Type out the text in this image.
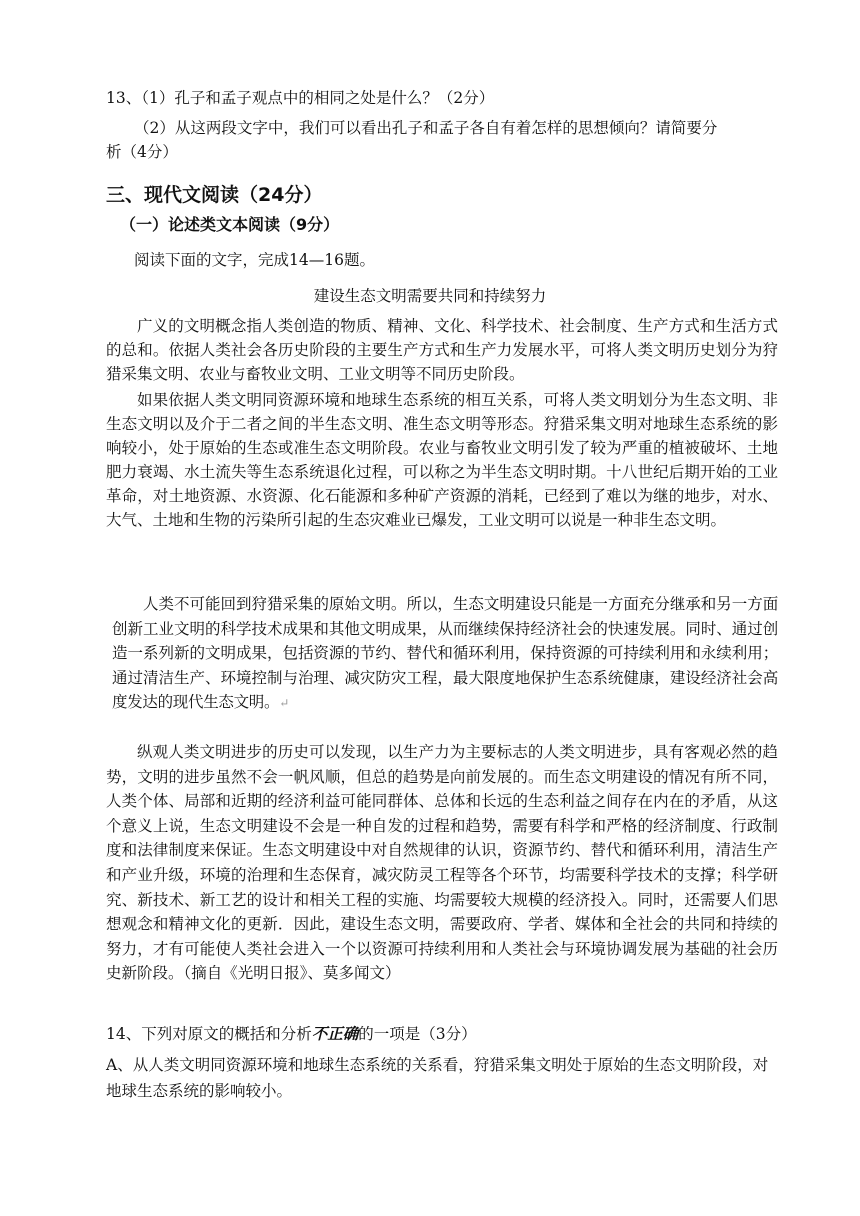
13、（1）孔子和孟子观点中的相同之处是什么？（2分）
（2）从这两段文字中，我们可以看出孔子和孟子各自有着怎样的思想倾向？请简要分
析（4分）
三、现代文阅读（24分）
（一）论述类文本阅读（9分）
阅读下面的文字，完成14—16题。
建设生态文明需要共同和持续努力

广义的文明概念指人类创造的物质、精神、文化、科学技术、社会制度、生产方式和生活方式的总和。依据人类社会各历史阶段的主要生产方式和生产力发展水平，可将人类文明历史划分为狩猎采集文明、农业与畜牧业文明、工业文明等不同历史阶段。

如果依据人类文明同资源环境和地球生态系统的相互关系，可将人类文明划分为生态文明、非生态文明以及介于二者之间的半生态文明、准生态文明等形态。狩猎采集文明对地球生态系统的影响较小，处于原始的生态或准生态文明阶段。农业与畜牧业文明引发了较为严重的植被破坏、土地肥力衰竭、水土流失等生态系统退化过程，可以称之为半生态文明时期。十八世纪后期开始的工业革命，对土地资源、水资源、化石能源和多种矿产资源的消耗，已经到了难以为继的地步，对水、大气、土地和生物的污染所引起的生态灾难业已爆发，工业文明可以说是一种非生态文明。

人类不可能回到狩猎采集的原始文明。所以，生态文明建设只能是一方面充分继承和另一方面创新工业文明的科学技术成果和其他文明成果，从而继续保持经济社会的快速发展。同时、通过创造一系列新的文明成果，包括资源的节约、替代和循环利用，保持资源的可持续利用和永续利用；通过清洁生产、环境控制与治理、减灾防灾工程，最大限度地保护生态系统健康，建设经济社会高度发达的现代生态文明。↵

纵观人类文明进步的历史可以发现，以生产力为主要标志的人类文明进步，具有客观必然的趋势，文明的进步虽然不会一帆风顺，但总的趋势是向前发展的。而生态文明建设的情况有所不同，人类个体、局部和近期的经济利益可能同群体、总体和长远的生态利益之间存在内在的矛盾，从这个意义上说，生态文明建设不会是一种自发的过程和趋势，需要有科学和严格的经济制度、行政制度和法律制度来保证。生态文明建设中对自然规律的认识，资源节约、替代和循环利用，清洁生产和产业升级，环境的治理和生态保育，减灾防灵工程等各个环节，均需要科学技术的支撑；科学研究、新技术、新工艺的设计和相关工程的实施、均需要较大规模的经济投入。同时，还需要人们思想观念和精神文化的更新．因此，建设生态文明，需要政府、学者、媒体和全社会的共同和持续的努力，才有可能使人类社会进入一个以资源可持续利用和人类社会与环境协调发展为基础的社会历史新阶段。（摘自《光明日报》、莫多闻文）

14、下列对原文的概括和分析不正确的一项是（3分）

A、从人类文明同资源环境和地球生态系统的关系看，狩猎采集文明处于原始的生态文明阶段，对地球生态系统的影响较小。
